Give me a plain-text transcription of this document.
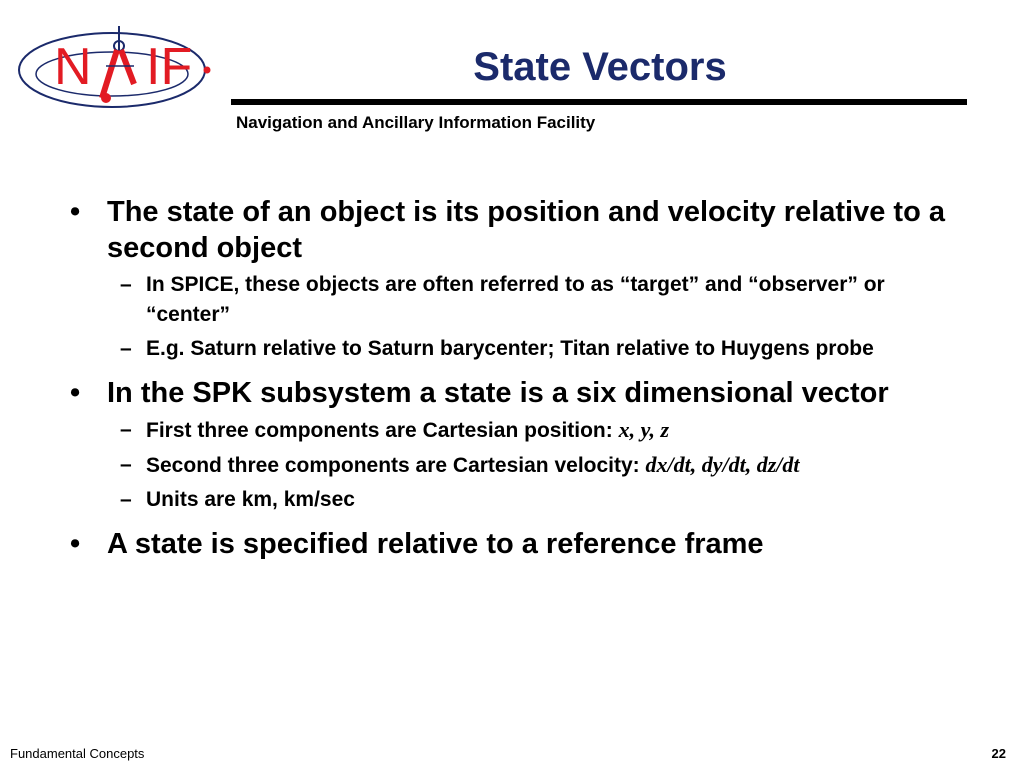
N IF	State Vectors
Navigation and Ancillary Information Facility
• The state of an object is its position and velocity relative to a second object
– In SPICE, these objects are often referred to as “target” and “observer” or “center”
– E.g. Saturn relative to Saturn barycenter; Titan relative to Huygens probe
• In the SPK subsystem a state is a six dimensional vector
– First three components are Cartesian position: x, y, z
– Second three components are Cartesian velocity: dx/dt, dy/dt, dz/dt
– Units are km, km/sec
• A state is specified relative to a reference frame
Fundamental Concepts	22
